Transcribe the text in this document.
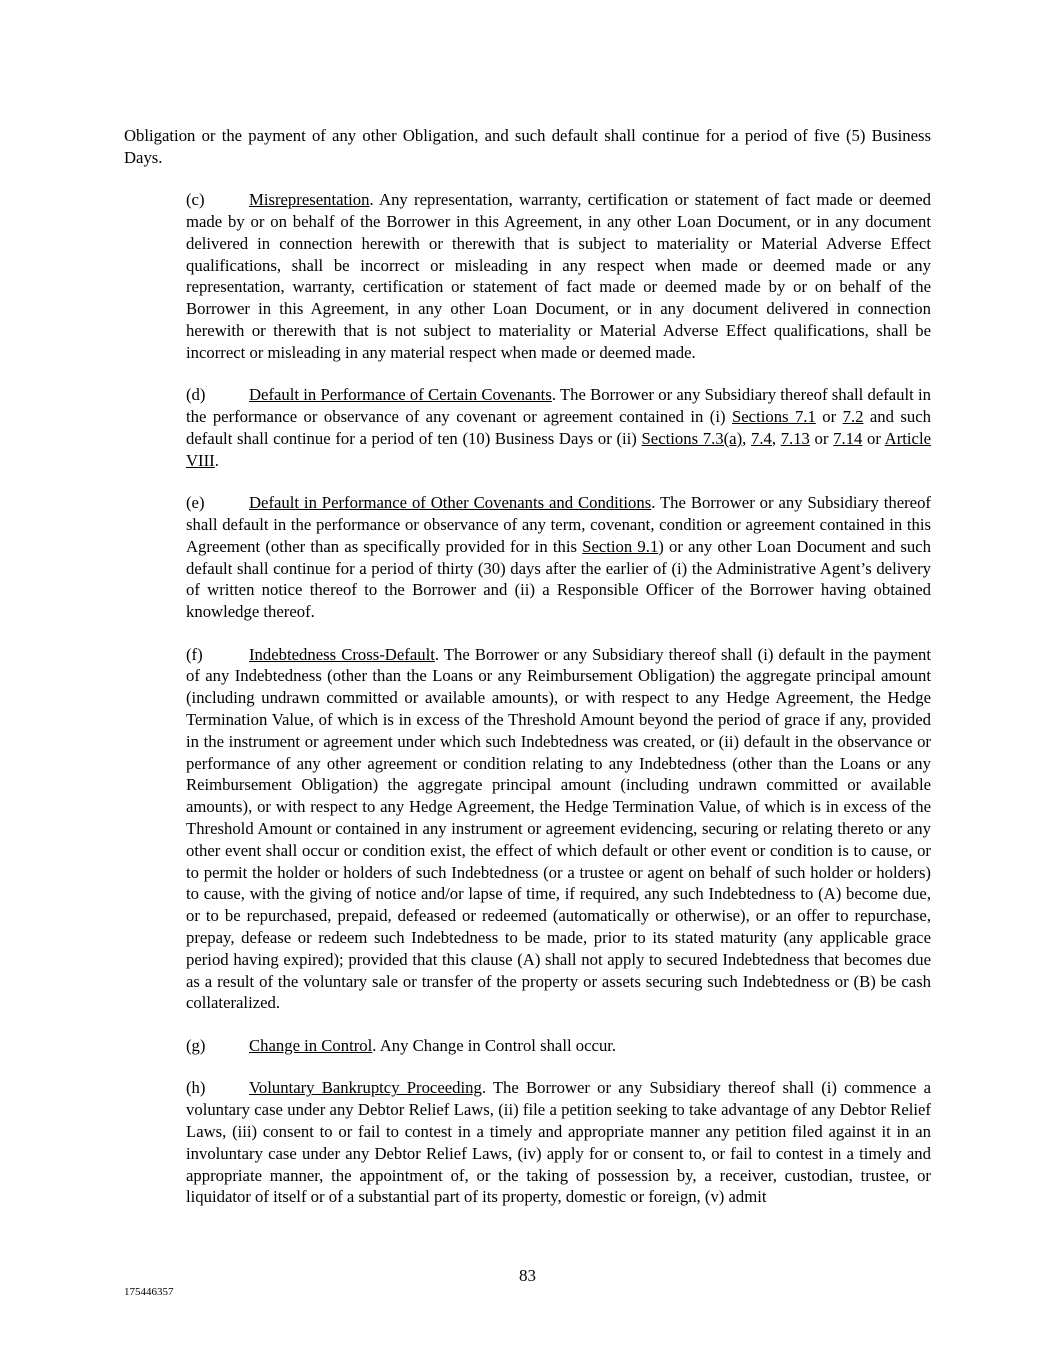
Obligation or the payment of any other Obligation, and such default shall continue for a period of five (5) Business Days.

(c)	Misrepresentation. Any representation, warranty, certification or statement of fact made or deemed made by or on behalf of the Borrower in this Agreement, in any other Loan Document, or in any document delivered in connection herewith or therewith that is subject to materiality or Material Adverse Effect qualifications, shall be incorrect or misleading in any respect when made or deemed made or any representation, warranty, certification or statement of fact made or deemed made by or on behalf of the Borrower in this Agreement, in any other Loan Document, or in any document delivered in connection herewith or therewith that is not subject to materiality or Material Adverse Effect qualifications, shall be incorrect or misleading in any material respect when made or deemed made.

(d)	Default in Performance of Certain Covenants. The Borrower or any Subsidiary thereof shall default in the performance or observance of any covenant or agreement contained in (i) Sections 7.1 or 7.2 and such default shall continue for a period of ten (10) Business Days or (ii) Sections 7.3(a), 7.4, 7.13 or 7.14 or Article VIII.

(e)	Default in Performance of Other Covenants and Conditions. The Borrower or any Subsidiary thereof shall default in the performance or observance of any term, covenant, condition or agreement contained in this Agreement (other than as specifically provided for in this Section 9.1) or any other Loan Document and such default shall continue for a period of thirty (30) days after the earlier of (i) the Administrative Agent’s delivery of written notice thereof to the Borrower and (ii) a Responsible Officer of the Borrower having obtained knowledge thereof.

(f)	Indebtedness Cross-Default. The Borrower or any Subsidiary thereof shall (i) default in the payment of any Indebtedness (other than the Loans or any Reimbursement Obligation) the aggregate principal amount (including undrawn committed or available amounts), or with respect to any Hedge Agreement, the Hedge Termination Value, of which is in excess of the Threshold Amount beyond the period of grace if any, provided in the instrument or agreement under which such Indebtedness was created, or (ii) default in the observance or performance of any other agreement or condition relating to any Indebtedness (other than the Loans or any Reimbursement Obligation) the aggregate principal amount (including undrawn committed or available amounts), or with respect to any Hedge Agreement, the Hedge Termination Value, of which is in excess of the Threshold Amount or contained in any instrument or agreement evidencing, securing or relating thereto or any other event shall occur or condition exist, the effect of which default or other event or condition is to cause, or to permit the holder or holders of such Indebtedness (or a trustee or agent on behalf of such holder or holders) to cause, with the giving of notice and/or lapse of time, if required, any such Indebtedness to (A) become due, or to be repurchased, prepaid, defeased or redeemed (automatically or otherwise), or an offer to repurchase, prepay, defease or redeem such Indebtedness to be made, prior to its stated maturity (any applicable grace period having expired); provided that this clause (A) shall not apply to secured Indebtedness that becomes due as a result of the voluntary sale or transfer of the property or assets securing such Indebtedness or (B) be cash collateralized.

(g)	Change in Control. Any Change in Control shall occur.

(h)	Voluntary Bankruptcy Proceeding. The Borrower or any Subsidiary thereof shall (i) commence a voluntary case under any Debtor Relief Laws, (ii) file a petition seeking to take advantage of any Debtor Relief Laws, (iii) consent to or fail to contest in a timely and appropriate manner any petition filed against it in an involuntary case under any Debtor Relief Laws, (iv) apply for or consent to, or fail to contest in a timely and appropriate manner, the appointment of, or the taking of possession by, a receiver, custodian, trustee, or liquidator of itself or of a substantial part of its property, domestic or foreign, (v) admit

83
175446357
